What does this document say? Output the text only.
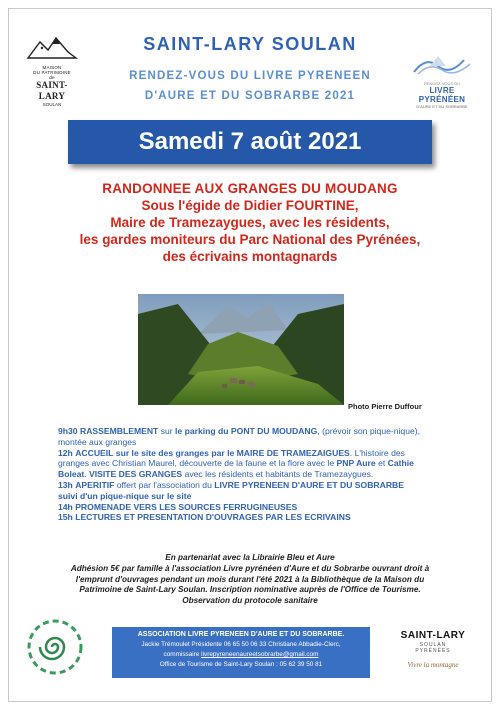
MAISON
DU PATRIMOINE
de
SAINT-LARY
SOULAN
SAINT-LARY SOULAN
RENDEZ-VOUS DU LIVRE PYRENEEN
D'AURE ET DU SOBRARBE 2021
RENDEZ-VOUS DU
LIVRE PYRÉNÉEN
D'AURE ET DU SOBRARBE
Samedi 7 août 2021
RANDONNEE AUX GRANGES DU MOUDANG
Sous l'égide de Didier FOURTINE,
Maire de Tramezaygues, avec les résidents,
les gardes moniteurs du Parc National des Pyrénées,
des écrivains montagnards
Photo Pierre Duffour
9h30 RASSEMBLEMENT sur le parking du PONT DU MOUDANG, (prévoir son pique-nique),
montée aux granges
12h ACCUEIL sur le site des granges par le MAIRE DE TRAMEZAIGUES. L'histoire des
granges avec Christian Maurel, découverte de la faune et la flore avec le PNP Aure et Cathie
Boleat. VISITE DES GRANGES avec les résidents et habitants de Tramezaygues.
13h APERITIF offert par l'association du LIVRE PYRENEEN D'AURE ET DU SOBRARBE
suivi d'un pique-nique sur le site
14h PROMENADE VERS LES SOURCES FERRUGINEUSES
15h LECTURES ET PRESENTATION D'OUVRAGES PAR LES ECRIVAINS
En partenariat avec la Librairie Bleu et Aure
Adhésion 5€ par famille à l'association Livre pyrénéen d'Aure et du Sobrarbe ouvrant droit à
l'emprunt d'ouvrages pendant un mois durant l'été 2021 à la Bibliothèque de la Maison du
Patrimoine de Saint-Lary Soulan. Inscription nominative auprès de l'Office de Tourisme.
Observation du protocole sanitaire
ASSOCIATION LIVRE PYRENEEN D'AURE ET DU SOBRARBE.
Jackie Trémoulet Présidente 06 65 50 06 33 Christiane Abbadie-Clerc,
commissaire livrepyreneenaureetsobrarbe@gmail.com
Office de Tourisme de Saint-Lary Soulan : 05 62 39 50 81
SAINT-LARY
SOULAN
PYRÉNÉES
Vivre la montagne
